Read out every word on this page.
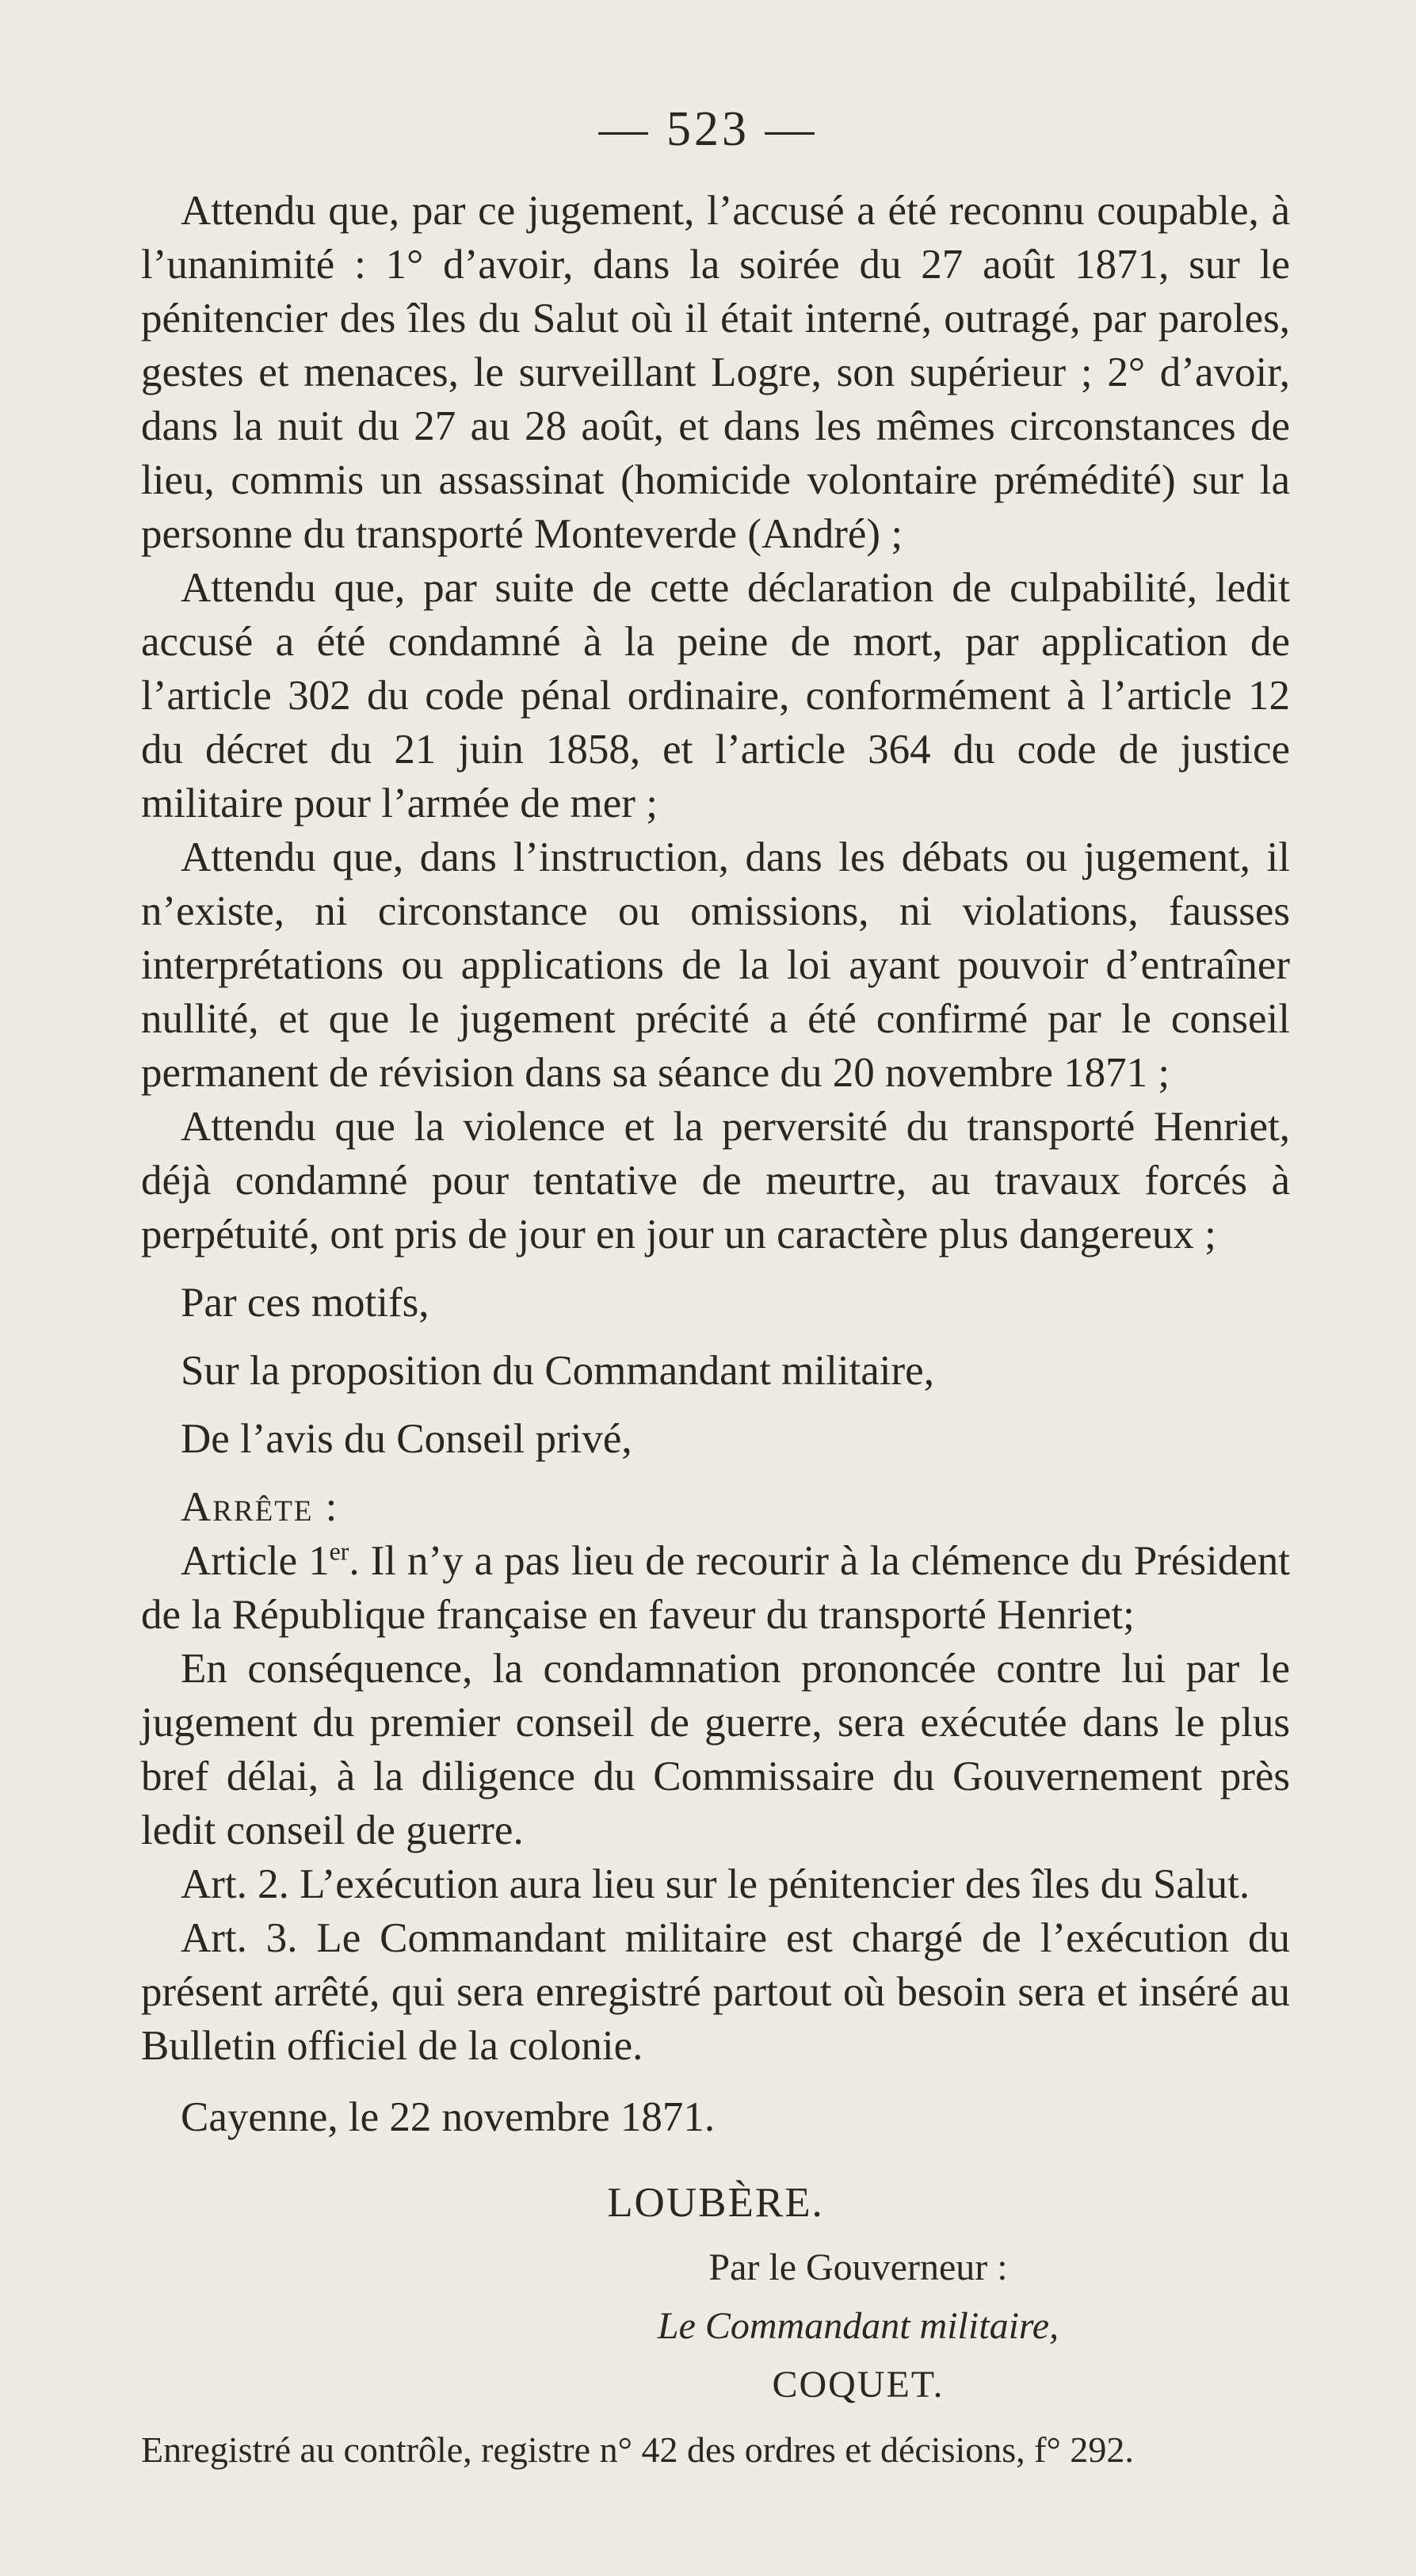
— 523 —

Attendu que, par ce jugement, l’accusé a été reconnu coupable, à l’unanimité : 1° d’avoir, dans la soirée du 27 août 1871, sur le pénitencier des îles du Salut où il était interné, outragé, par paroles, gestes et menaces, le surveillant Logre, son supérieur ; 2° d’avoir, dans la nuit du 27 au 28 août, et dans les mêmes circonstances de lieu, commis un assassinat (homicide volontaire prémédité) sur la personne du transporté Monteverde (André) ;

Attendu que, par suite de cette déclaration de culpabilité, ledit accusé a été condamné à la peine de mort, par application de l’article 302 du code pénal ordinaire, conformément à l’article 12 du décret du 21 juin 1858, et l’article 364 du code de justice militaire pour l’armée de mer ;

Attendu que, dans l’instruction, dans les débats ou jugement, il n’existe, ni circonstance ou omissions, ni violations, fausses interprétations ou applications de la loi ayant pouvoir d’entraîner nullité, et que le jugement précité a été confirmé par le conseil permanent de révision dans sa séance du 20 novembre 1871 ;

Attendu que la violence et la perversité du transporté Henriet, déjà condamné pour tentative de meurtre, au travaux forcés à perpétuité, ont pris de jour en jour un caractère plus dangereux ;

Par ces motifs,

Sur la proposition du Commandant militaire,

De l’avis du Conseil privé,

Arrête :

Article 1er. Il n’y a pas lieu de recourir à la clémence du Président de la République française en faveur du transporté Henriet;

En conséquence, la condamnation prononcée contre lui par le jugement du premier conseil de guerre, sera exécutée dans le plus bref délai, à la diligence du Commissaire du Gouvernement près ledit conseil de guerre.

Art. 2. L’exécution aura lieu sur le pénitencier des îles du Salut.

Art. 3. Le Commandant militaire est chargé de l’exécution du présent arrêté, qui sera enregistré partout où besoin sera et inséré au Bulletin officiel de la colonie.

Cayenne, le 22 novembre 1871.

LOUBÈRE.

Par le Gouverneur :

Le Commandant militaire,

COQUET.

Enregistré au contrôle, registre n° 42 des ordres et décisions, f° 292.
